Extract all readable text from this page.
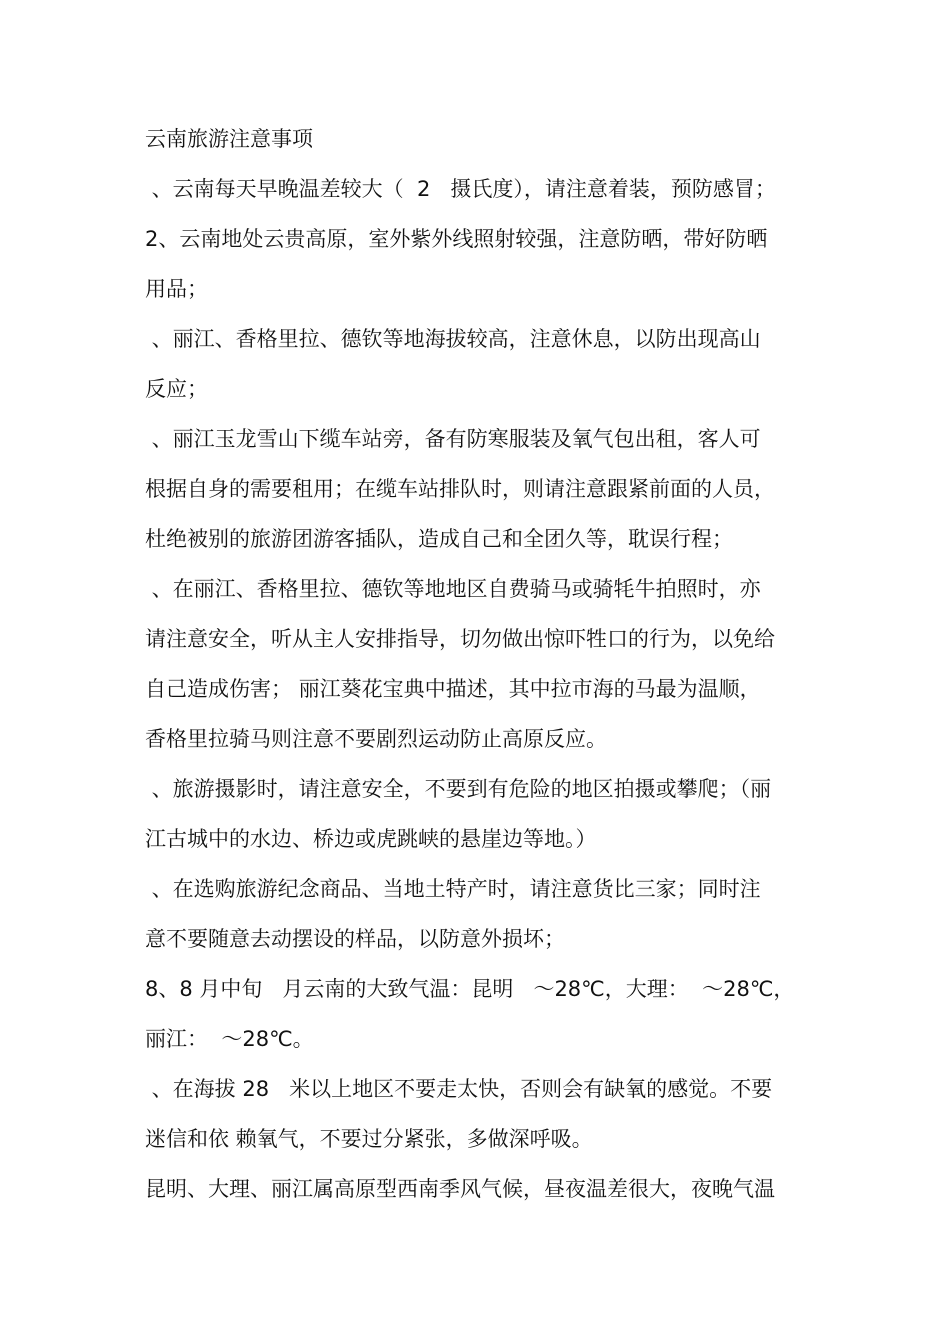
云南旅游注意事项
、云南每天早晚温差较大（  2   摄氏度），请注意着装，预防感冒；
2、云南地处云贵高原，室外紫外线照射较强，注意防晒，带好防晒
用品；
、丽江、香格里拉、德钦等地海拔较高，注意休息，以防出现高山
反应；
、丽江玉龙雪山下缆车站旁，备有防寒服装及氧气包出租，客人可
根据自身的需要租用；在缆车站排队时，则请注意跟紧前面的人员，
杜绝被别的旅游团游客插队，造成自己和全团久等，耽误行程；
、在丽江、香格里拉、德钦等地地区自费骑马或骑牦牛拍照时，亦
请注意安全，听从主人安排指导，切勿做出惊吓牲口的行为，以免给
自己造成伤害； 丽江葵花宝典中描述，其中拉市海的马最为温顺，
香格里拉骑马则注意不要剧烈运动防止高原反应。
、旅游摄影时，请注意安全，不要到有危险的地区拍摄或攀爬；（丽
江古城中的水边、桥边或虎跳峡的悬崖边等地。）
、在选购旅游纪念商品、当地土特产时，请注意货比三家；同时注
意不要随意去动摆设的样品，以防意外损坏；
8、8 月中旬   月云南的大致气温：昆明   ～28℃，大理：  ～28℃，
丽江：  ～28℃。
、在海拔 28   米以上地区不要走太快，否则会有缺氧的感觉。不要
迷信和依 赖氧气，不要过分紧张，多做深呼吸。
昆明、大理、丽江属高原型西南季风气候，昼夜温差很大，夜晚气温
